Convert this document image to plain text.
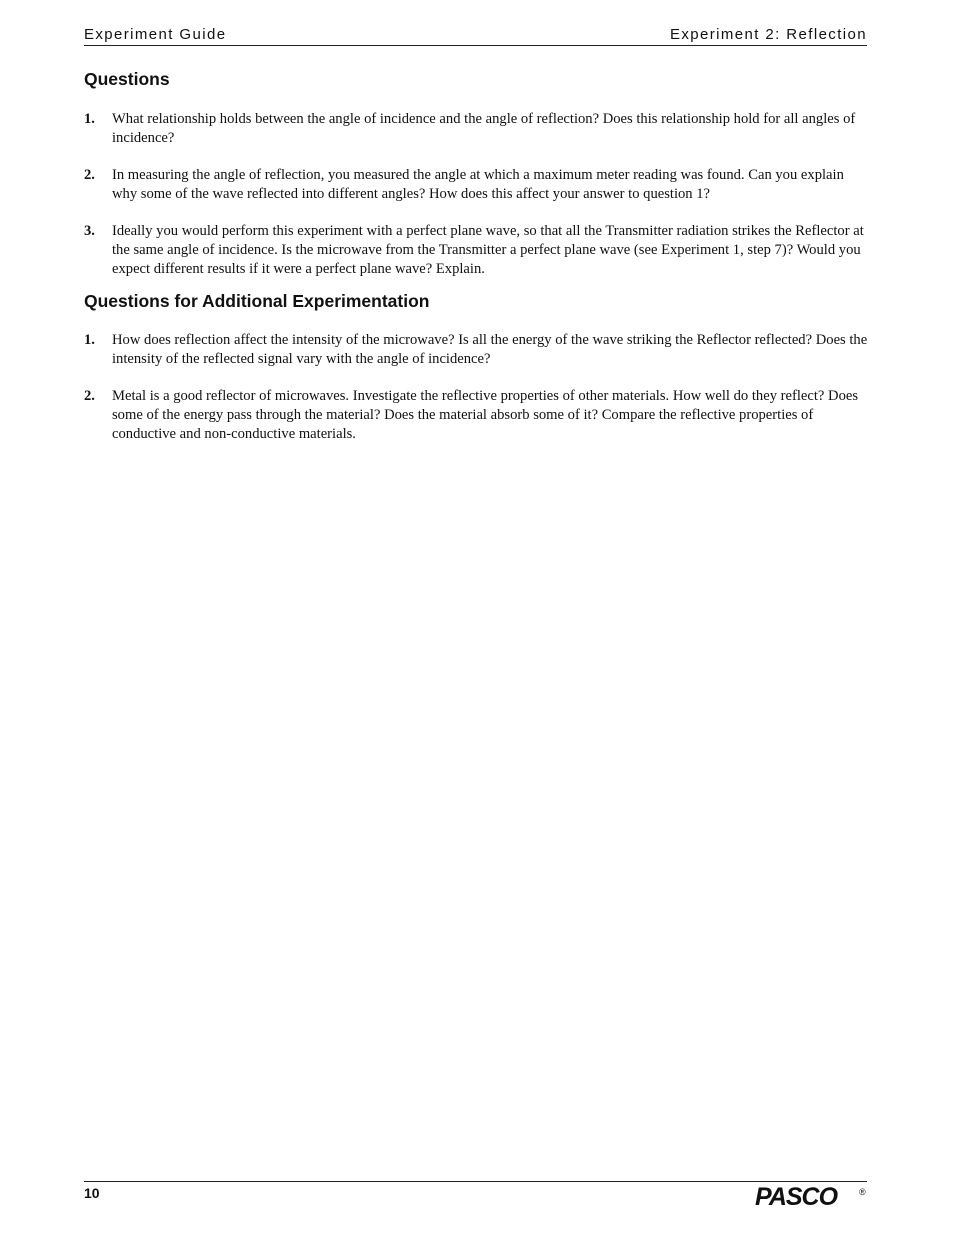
Experiment Guide	Experiment 2: Reflection
Questions
1. What relationship holds between the angle of incidence and the angle of reflection? Does this relationship hold for all angles of incidence?
2. In measuring the angle of reflection, you measured the angle at which a maximum meter reading was found. Can you explain why some of the wave reflected into different angles? How does this affect your answer to question 1?
3. Ideally you would perform this experiment with a perfect plane wave, so that all the Transmitter radiation strikes the Reflector at the same angle of incidence. Is the microwave from the Transmitter a perfect plane wave (see Experiment 1, step 7)? Would you expect different results if it were a perfect plane wave? Explain.
Questions for Additional Experimentation
1. How does reflection affect the intensity of the microwave? Is all the energy of the wave striking the Reflector reflected? Does the intensity of the reflected signal vary with the angle of incidence?
2. Metal is a good reflector of microwaves. Investigate the reflective properties of other materials. How well do they reflect? Does some of the energy pass through the material? Does the material absorb some of it? Compare the reflective properties of conductive and non-conductive materials.
10	PASCO ®
